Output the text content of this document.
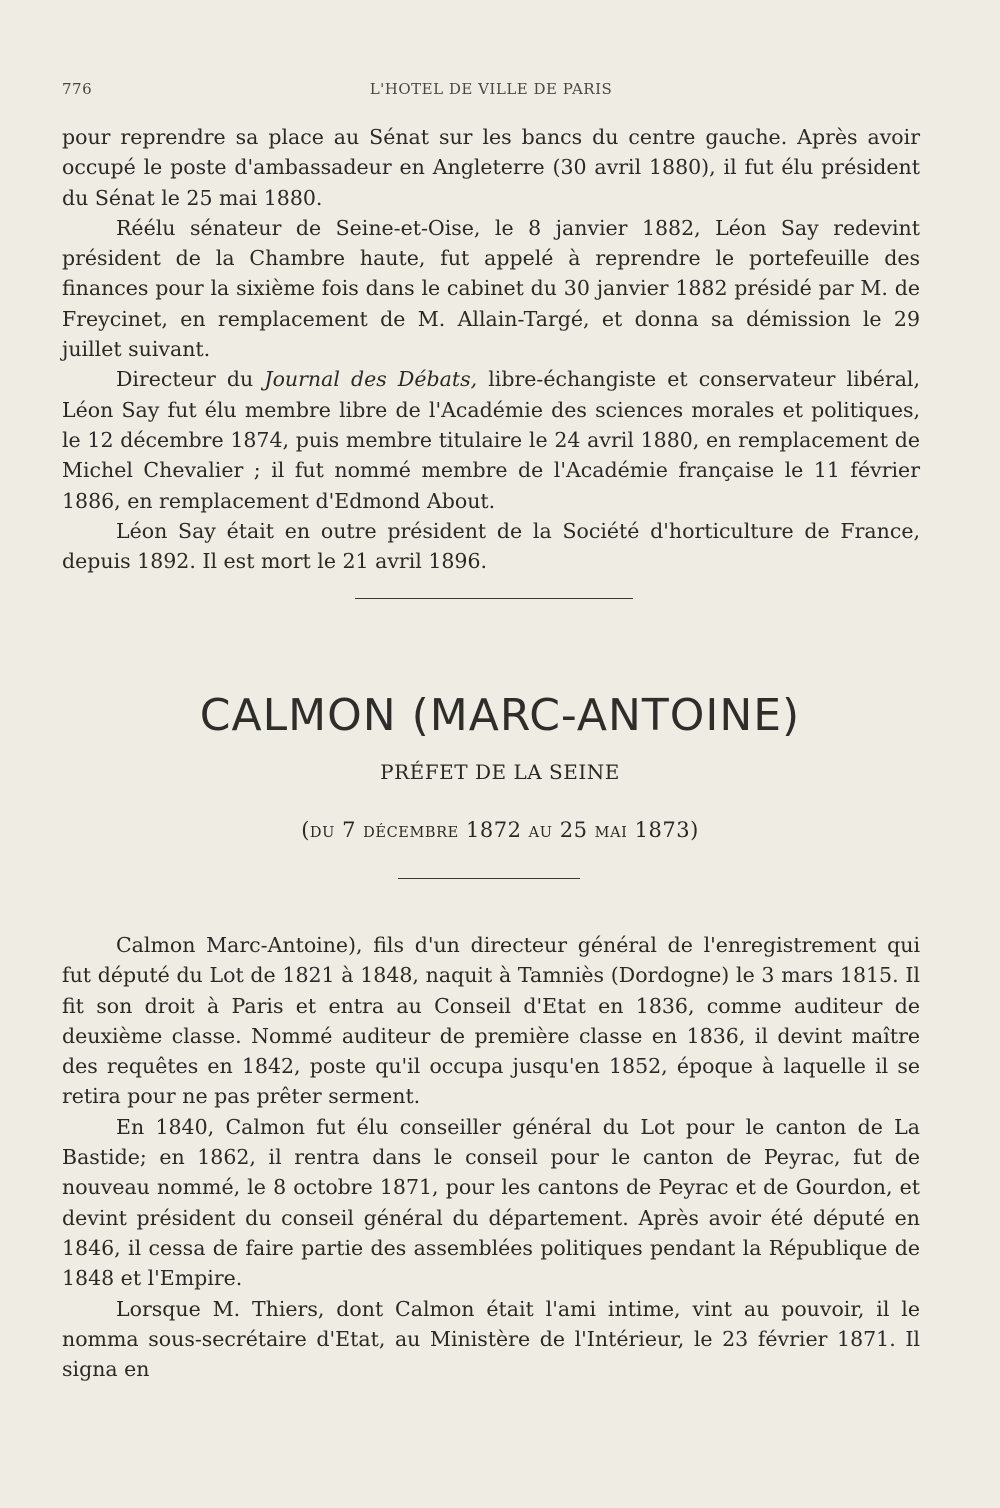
776	L'HOTEL DE VILLE DE PARIS

pour reprendre sa place au Sénat sur les bancs du centre gauche. Après avoir occupé le poste d'ambassadeur en Angleterre (30 avril 1880), il fut élu président du Sénat le 25 mai 1880.

Réélu sénateur de Seine-et-Oise, le 8 janvier 1882, Léon Say redevint président de la Chambre haute, fut appelé à reprendre le portefeuille des finances pour la sixième fois dans le cabinet du 30 janvier 1882 présidé par M. de Freycinet, en remplacement de M. Allain-Targé, et donna sa démission le 29 juillet suivant.

Directeur du Journal des Débats, libre-échangiste et conservateur libéral, Léon Say fut élu membre libre de l'Académie des sciences morales et politiques, le 12 décembre 1874, puis membre titulaire le 24 avril 1880, en remplacement de Michel Chevalier ; il fut nommé membre de l'Académie française le 11 février 1886, en remplacement d'Edmond About.

Léon Say était en outre président de la Société d'horticulture de France, depuis 1892. Il est mort le 21 avril 1896.

CALMON (MARC-ANTOINE)
PRÉFET DE LA SEINE
(DU 7 DÉCEMBRE 1872 AU 25 MAI 1873)

Calmon Marc-Antoine), fils d'un directeur général de l'enregistrement qui fut député du Lot de 1821 à 1848, naquit à Tamniès (Dordogne) le 3 mars 1815. Il fit son droit à Paris et entra au Conseil d'Etat en 1836, comme auditeur de deuxième classe. Nommé auditeur de première classe en 1836, il devint maître des requêtes en 1842, poste qu'il occupa jusqu'en 1852, époque à laquelle il se retira pour ne pas prêter serment.

En 1840, Calmon fut élu conseiller général du Lot pour le canton de La Bastide; en 1862, il rentra dans le conseil pour le canton de Peyrac, fut de nouveau nommé, le 8 octobre 1871, pour les cantons de Peyrac et de Gourdon, et devint président du conseil général du département. Après avoir été député en 1846, il cessa de faire partie des assemblées politiques pendant la République de 1848 et l'Empire.

Lorsque M. Thiers, dont Calmon était l'ami intime, vint au pouvoir, il le nomma sous-secrétaire d'Etat, au Ministère de l'Intérieur, le 23 février 1871. Il signa en
